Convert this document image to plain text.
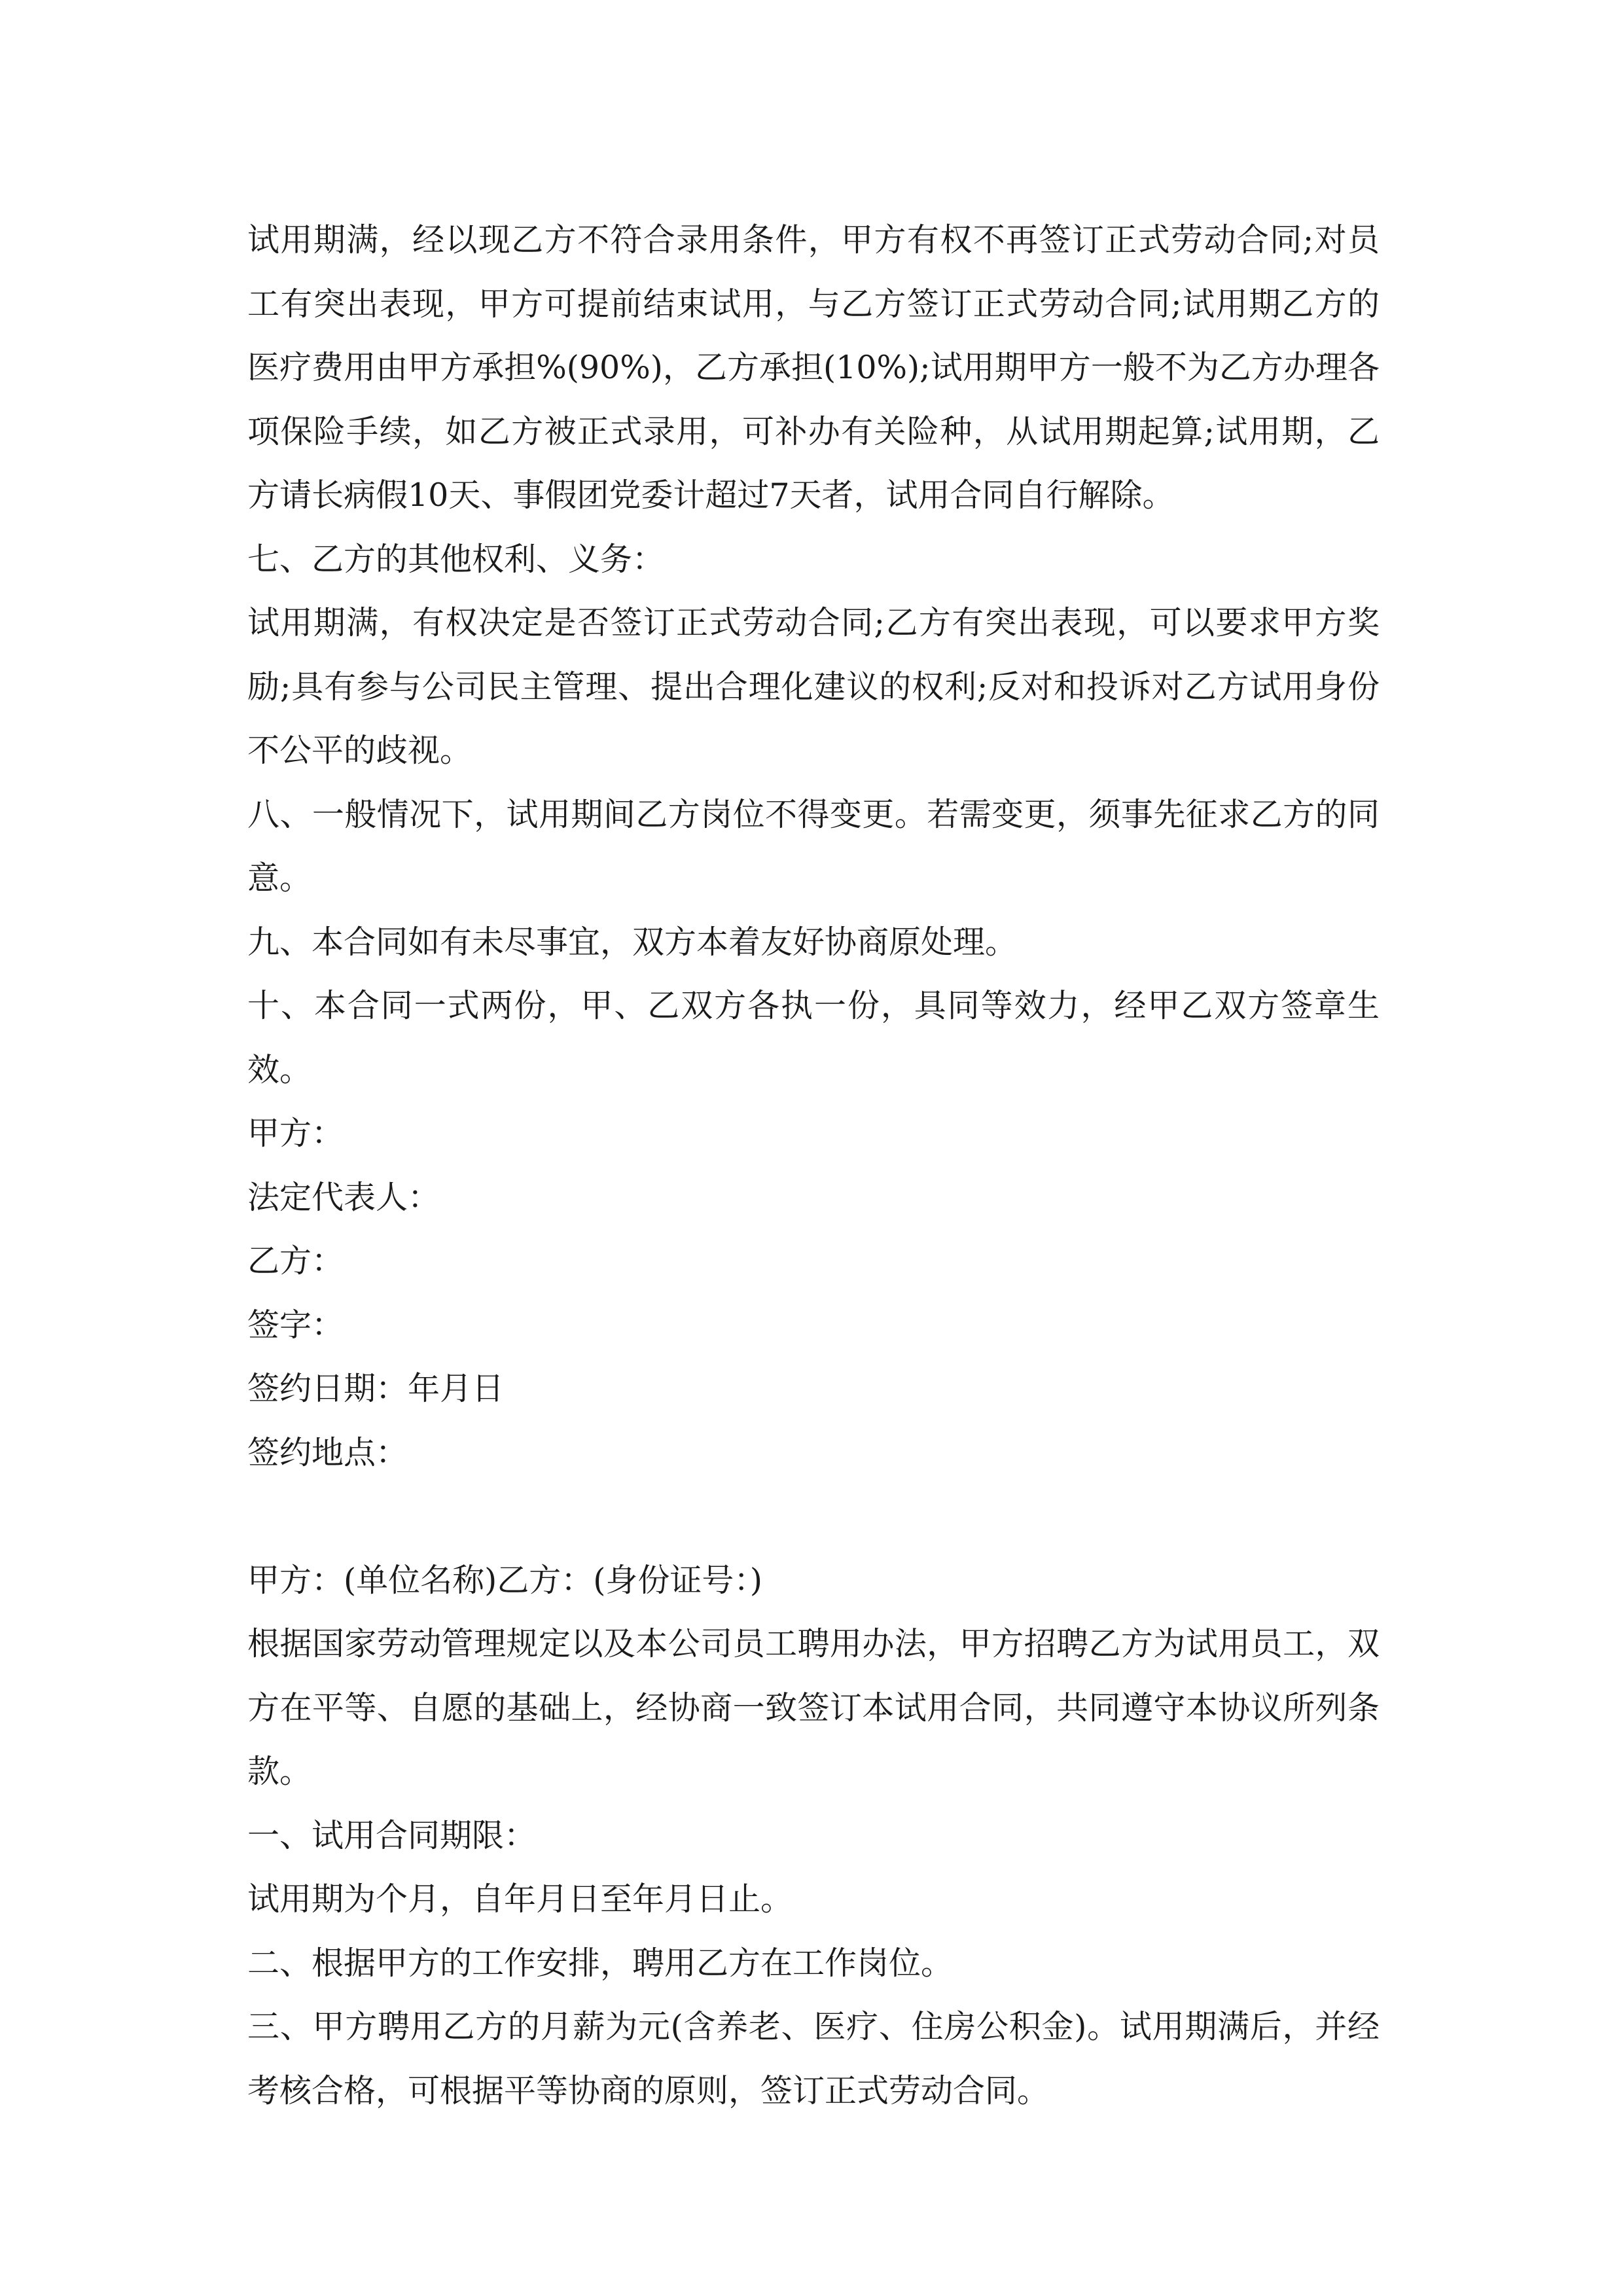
试用期满，经以现乙方不符合录用条件，甲方有权不再签订正式劳动合同;对员工有突出表现，甲方可提前结束试用，与乙方签订正式劳动合同;试用期乙方的医疗费用由甲方承担%(90%)，乙方承担(10%);试用期甲方一般不为乙方办理各项保险手续，如乙方被正式录用，可补办有关险种，从试用期起算;试用期，乙方请长病假10天、事假团党委计超过7天者，试用合同自行解除。

七、乙方的其他权利、义务：

试用期满，有权决定是否签订正式劳动合同;乙方有突出表现，可以要求甲方奖励;具有参与公司民主管理、提出合理化建议的权利;反对和投诉对乙方试用身份不公平的歧视。

八、一般情况下，试用期间乙方岗位不得变更。若需变更，须事先征求乙方的同意。

九、本合同如有未尽事宜，双方本着友好协商原处理。

十、本合同一式两份，甲、乙双方各执一份，具同等效力，经甲乙双方签章生效。

甲方：

法定代表人：

乙方：

签字：

签约日期：年月日

签约地点：

甲方：(单位名称)乙方：(身份证号：)

根据国家劳动管理规定以及本公司员工聘用办法，甲方招聘乙方为试用员工，双方在平等、自愿的基础上，经协商一致签订本试用合同，共同遵守本协议所列条款。

一、试用合同期限：

试用期为个月，自年月日至年月日止。

二、根据甲方的工作安排，聘用乙方在工作岗位。

三、甲方聘用乙方的月薪为元(含养老、医疗、住房公积金)。试用期满后，并经考核合格，可根据平等协商的原则，签订正式劳动合同。
